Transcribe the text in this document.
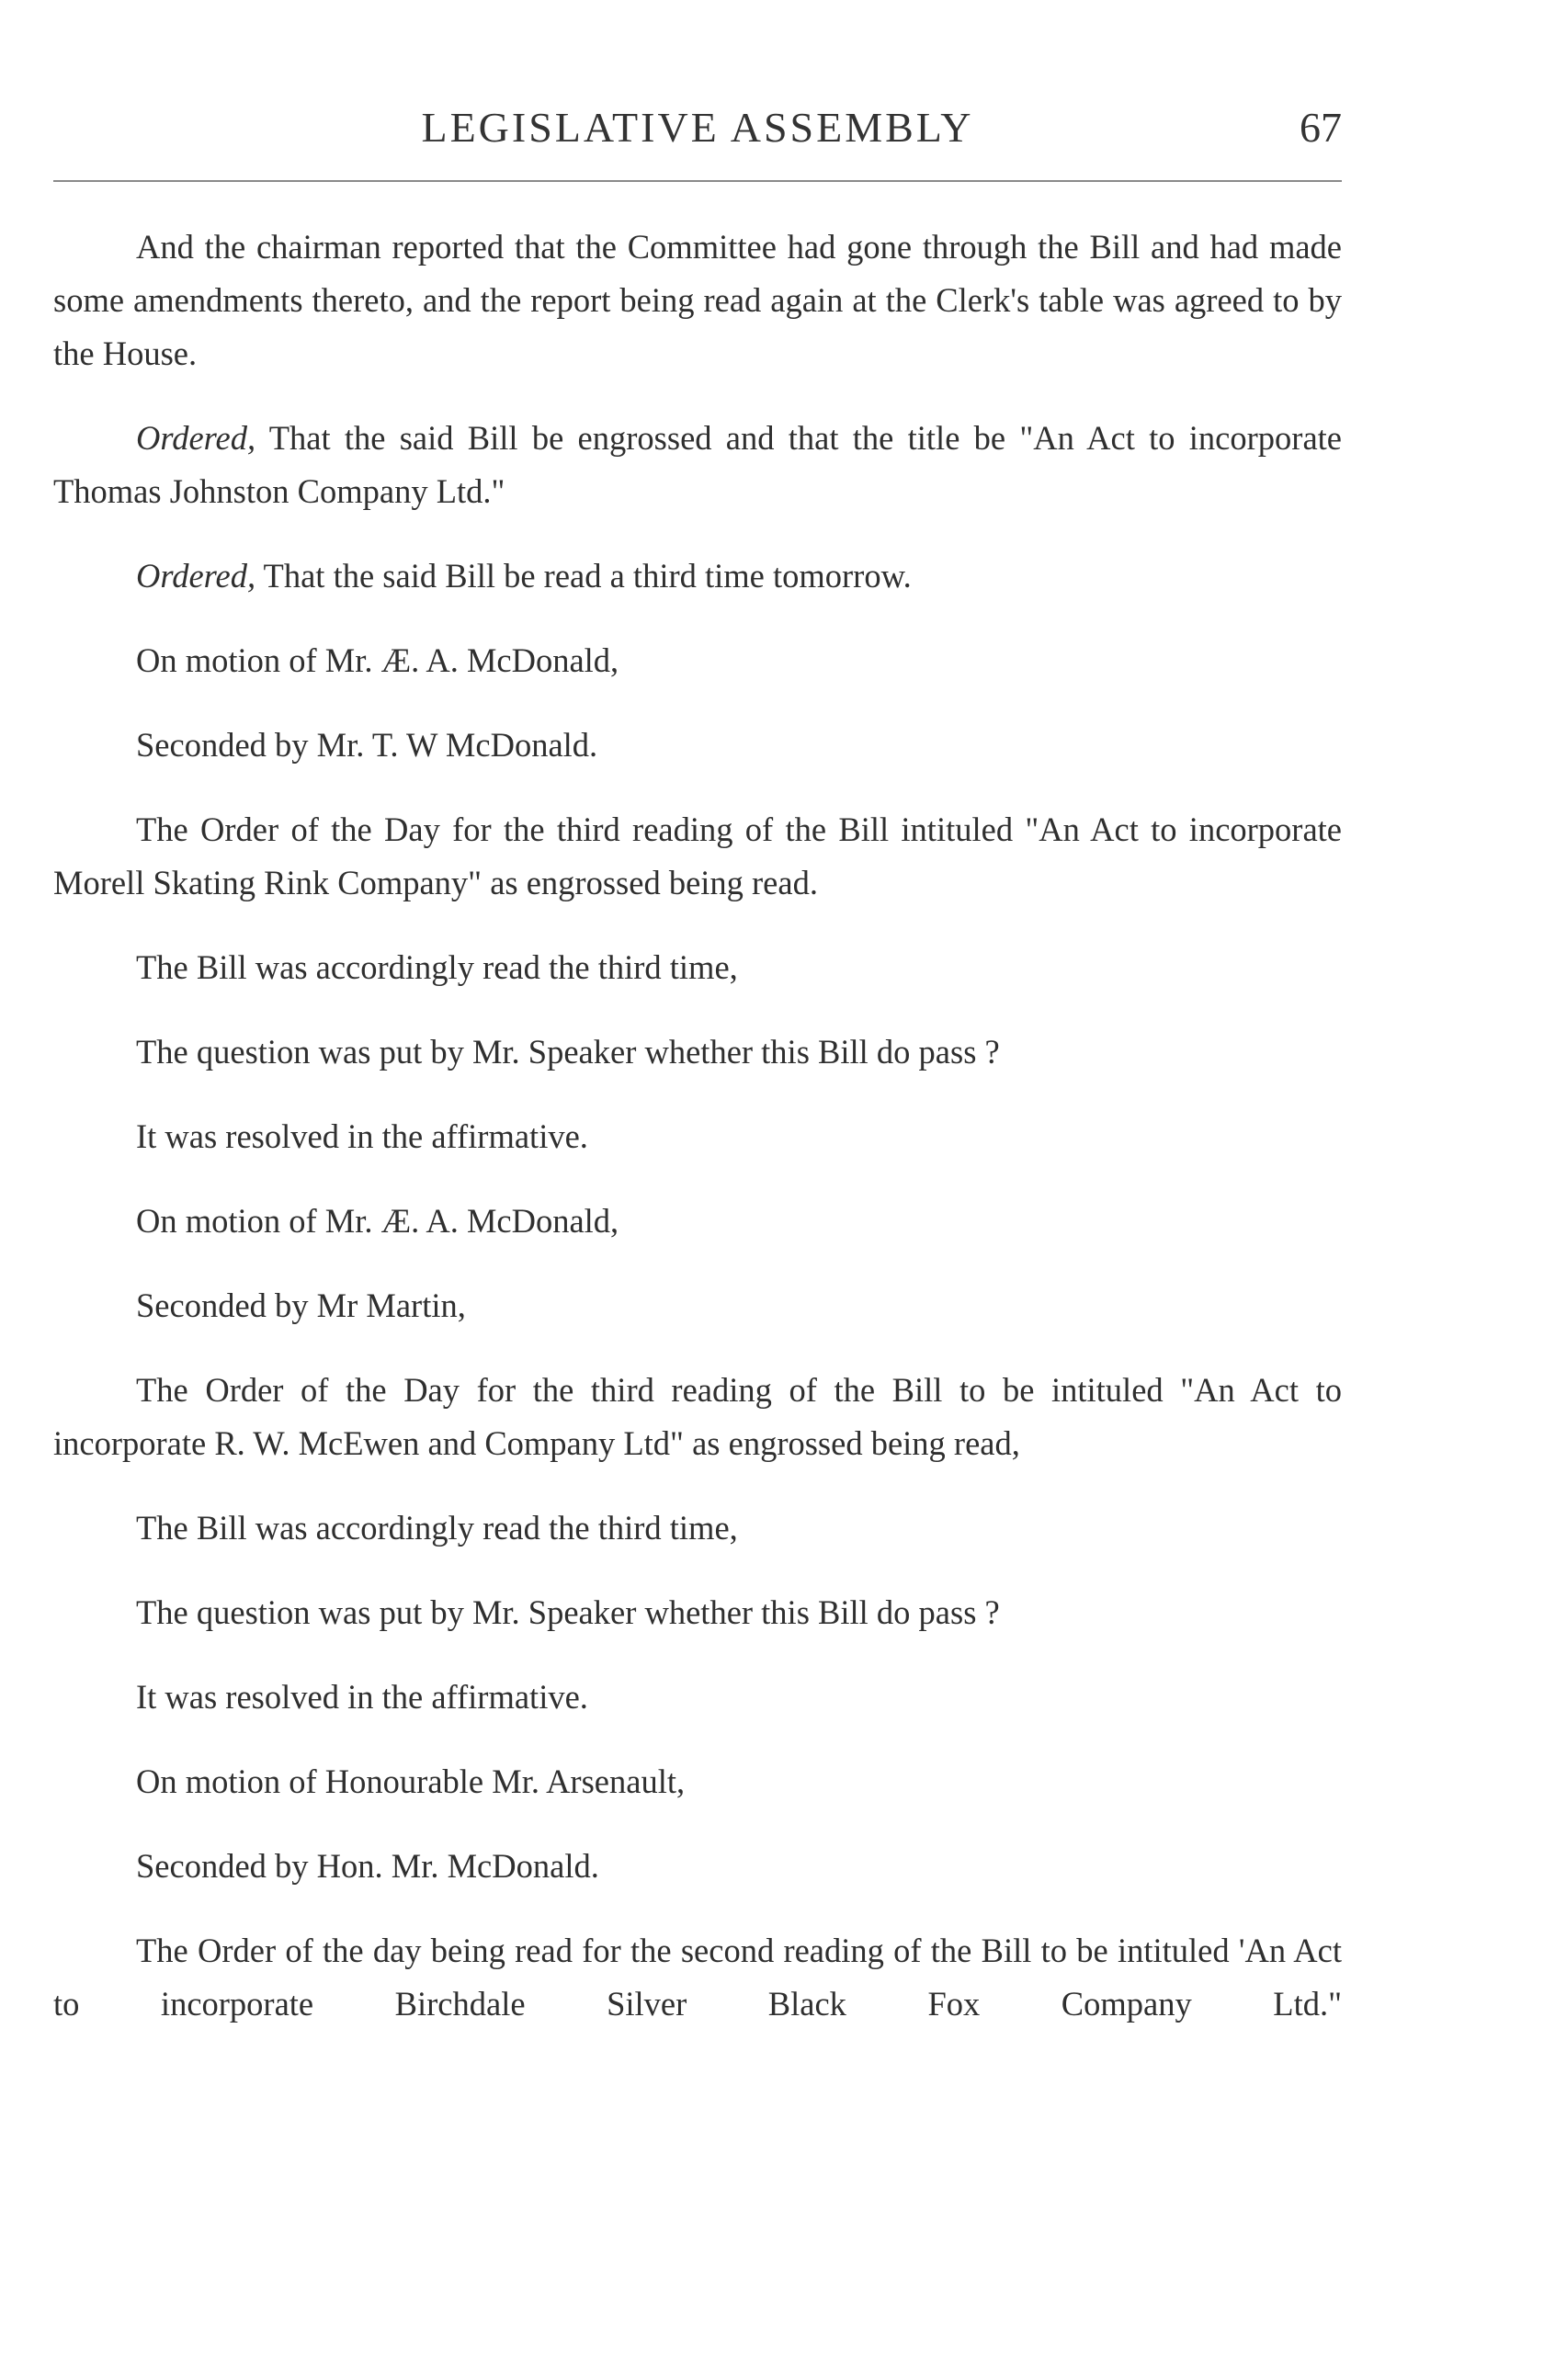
LEGISLATIVE ASSEMBLY	67

And the chairman reported that the Committee had gone through the Bill and had made some amendments thereto, and the report being read again at the Clerk's table was agreed to by the House.

Ordered, That the said Bill be engrossed and that the title be "An Act to incorporate Thomas Johnston Company Ltd."

Ordered, That the said Bill be read a third time tomorrow.

On motion of Mr. Æ. A. McDonald,

Seconded by Mr. T. W McDonald.

The Order of the Day for the third reading of the Bill intituled "An Act to incorporate Morell Skating Rink Company" as engrossed being read.

The Bill was accordingly read the third time,

The question was put by Mr. Speaker whether this Bill do pass ?

It was resolved in the affirmative.

On motion of Mr. Æ. A. McDonald,

Seconded by Mr Martin,

The Order of the Day for the third reading of the Bill to be intituled "An Act to incorporate R. W. McEwen and Company Ltd" as engrossed being read,

The Bill was accordingly read the third time,

The question was put by Mr. Speaker whether this Bill do pass ?

It was resolved in the affirmative.

On motion of Honourable Mr. Arsenault,

Seconded by Hon. Mr. McDonald.

The Order of the day being read for the second reading of the Bill to be intituled 'An Act to incorporate Birchdale Silver Black Fox Company Ltd."
